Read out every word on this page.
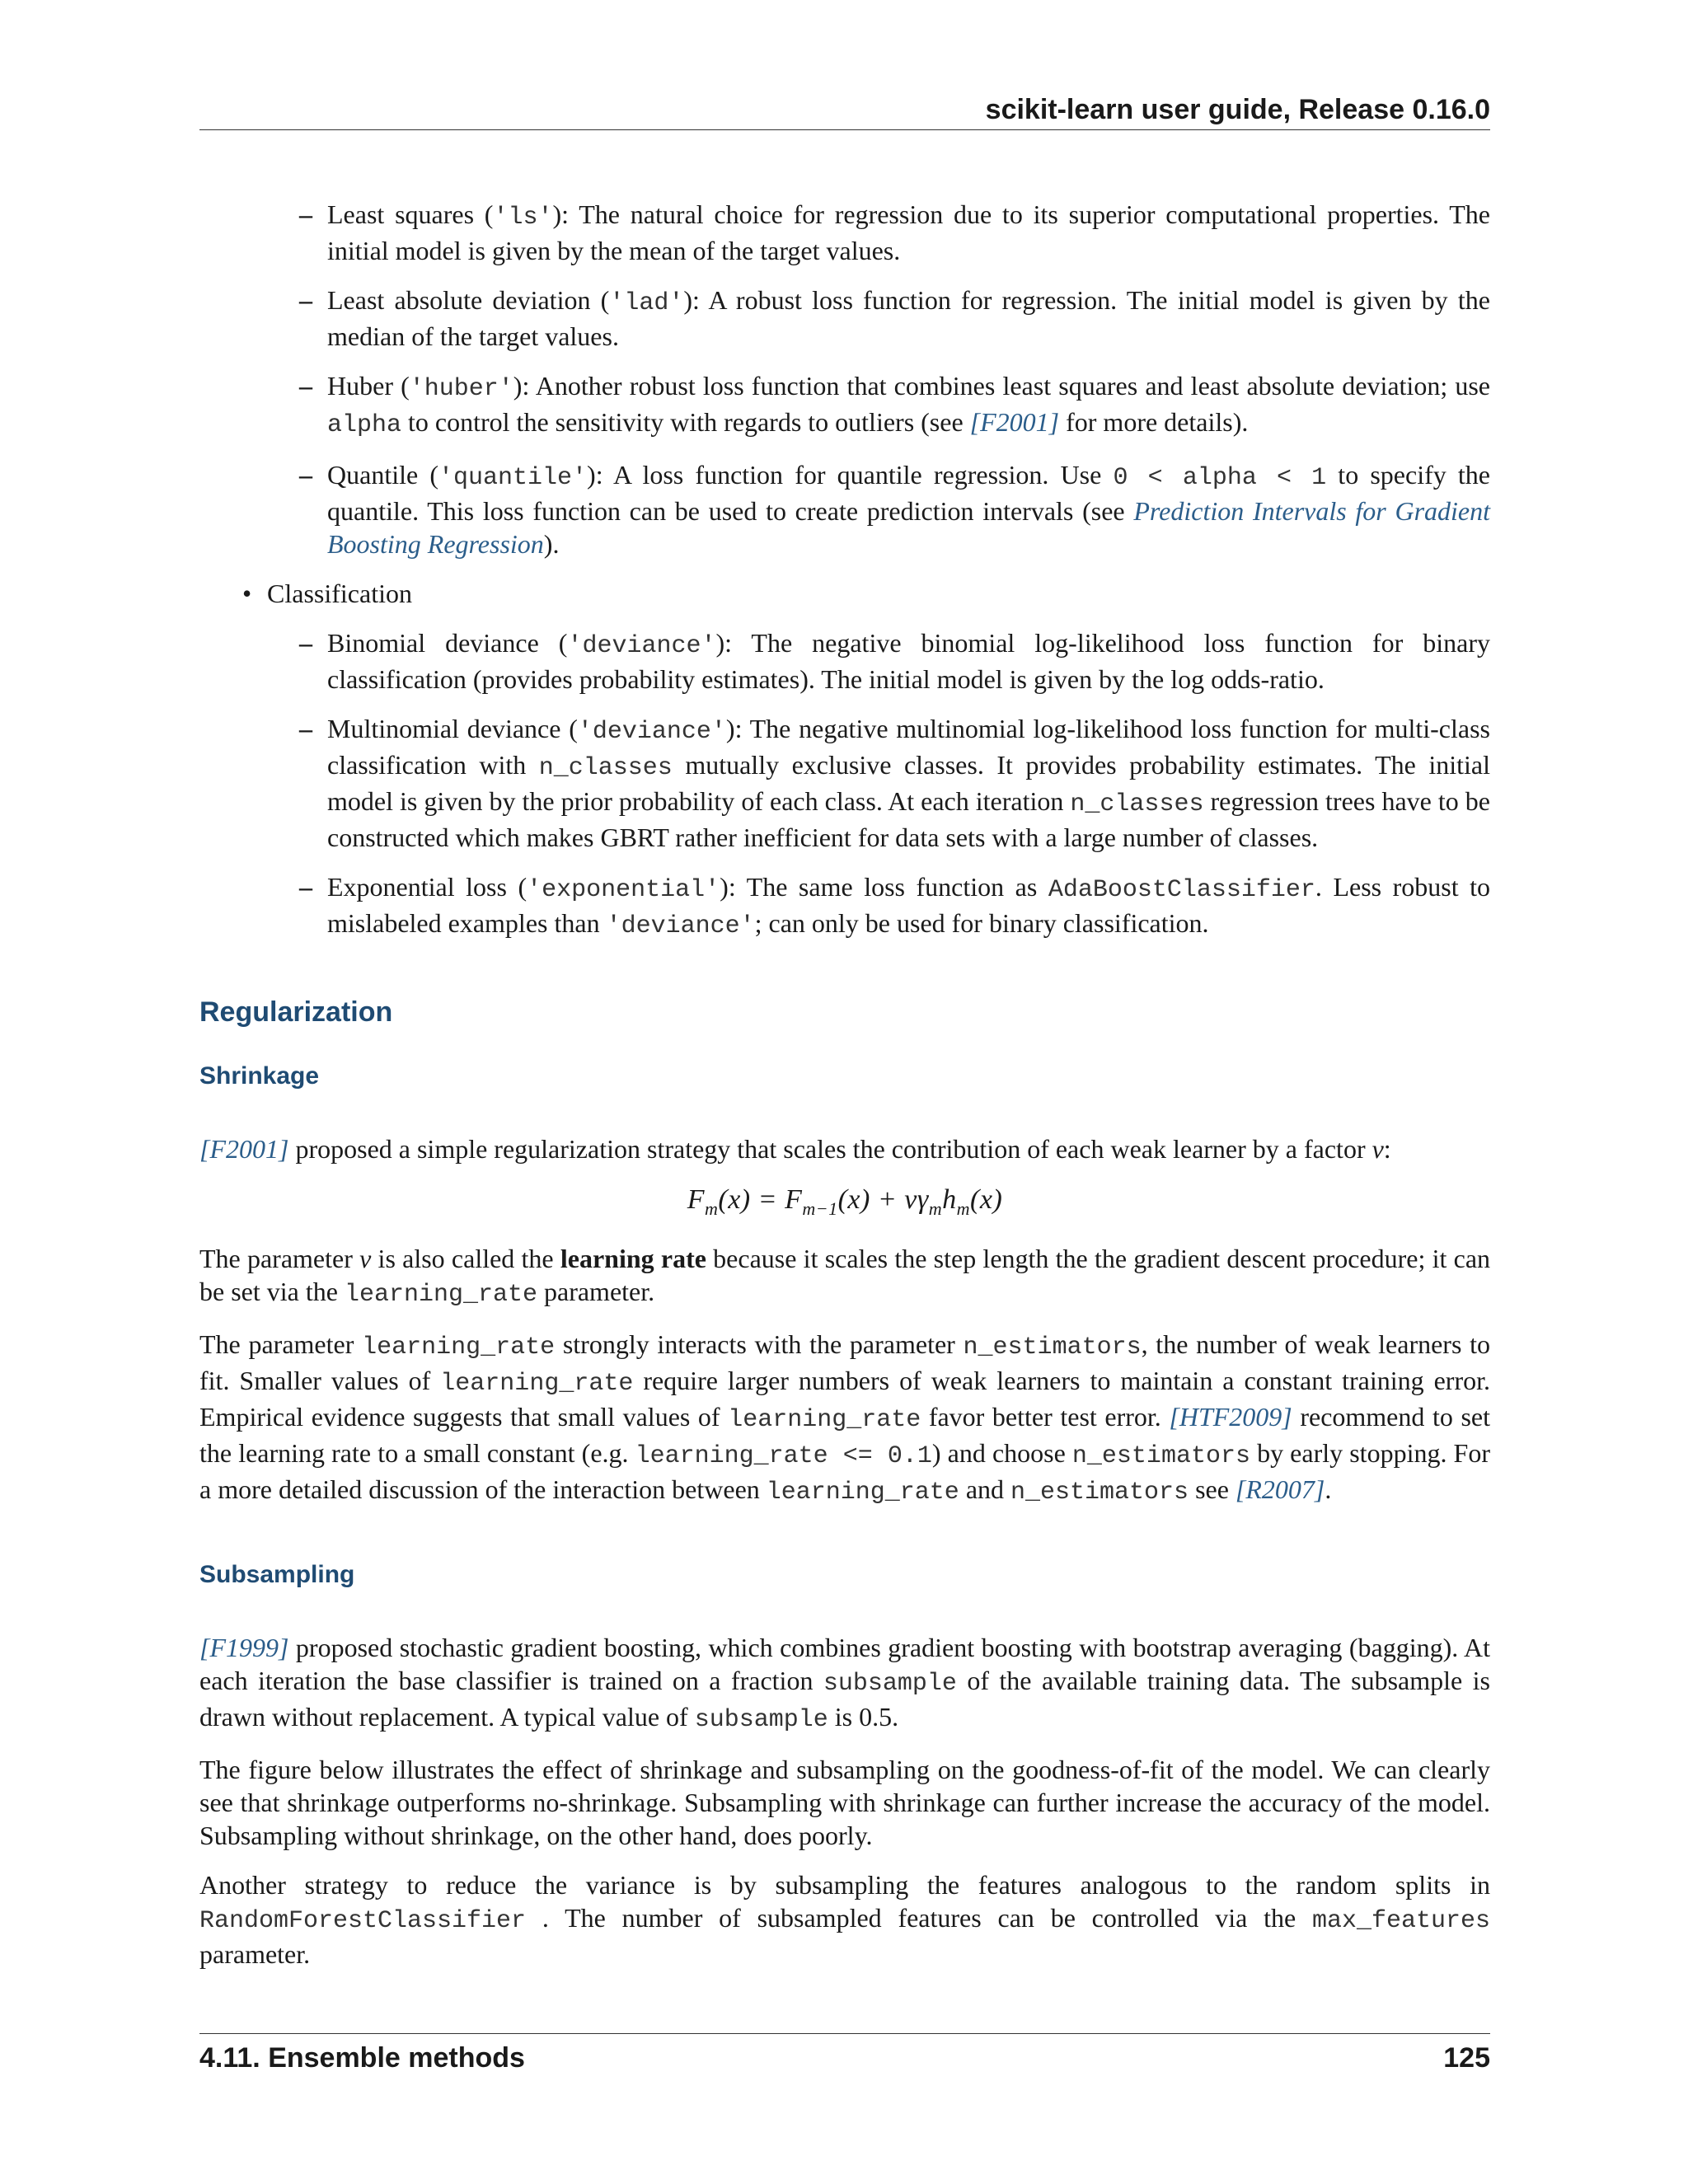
scikit-learn user guide, Release 0.16.0
– Least squares ('ls'): The natural choice for regression due to its superior computational properties. The initial model is given by the mean of the target values.
– Least absolute deviation ('lad'): A robust loss function for regression. The initial model is given by the median of the target values.
– Huber ('huber'): Another robust loss function that combines least squares and least absolute deviation; use alpha to control the sensitivity with regards to outliers (see [F2001] for more details).
– Quantile ('quantile'): A loss function for quantile regression. Use 0 < alpha < 1 to specify the quantile. This loss function can be used to create prediction intervals (see Prediction Intervals for Gradient Boosting Regression).
• Classification
– Binomial deviance ('deviance'): The negative binomial log-likelihood loss function for binary classification (provides probability estimates). The initial model is given by the log odds-ratio.
– Multinomial deviance ('deviance'): The negative multinomial log-likelihood loss function for multi-class classification with n_classes mutually exclusive classes. It provides probability estimates. The initial model is given by the prior probability of each class. At each iteration n_classes regression trees have to be constructed which makes GBRT rather inefficient for data sets with a large number of classes.
– Exponential loss ('exponential'): The same loss function as AdaBoostClassifier. Less robust to mislabeled examples than 'deviance'; can only be used for binary classification.
Regularization
Shrinkage

[F2001] proposed a simple regularization strategy that scales the contribution of each weak learner by a factor ν:

$F_m(x) = F_{m-1}(x) + \nu\gamma_mh_m(x)$

The parameter ν is also called the learning rate because it scales the step length the the gradient descent procedure; it can be set via the learning_rate parameter.

The parameter learning_rate strongly interacts with the parameter n_estimators, the number of weak learners to fit. Smaller values of learning_rate require larger numbers of weak learners to maintain a constant training error. Empirical evidence suggests that small values of learning_rate favor better test error. [HTF2009] recommend to set the learning rate to a small constant (e.g. learning_rate <= 0.1) and choose n_estimators by early stopping. For a more detailed discussion of the interaction between learning_rate and n_estimators see [R2007].

Subsampling

[F1999] proposed stochastic gradient boosting, which combines gradient boosting with bootstrap averaging (bagging). At each iteration the base classifier is trained on a fraction subsample of the available training data. The subsample is drawn without replacement. A typical value of subsample is 0.5.

The figure below illustrates the effect of shrinkage and subsampling on the goodness-of-fit of the model. We can clearly see that shrinkage outperforms no-shrinkage. Subsampling with shrinkage can further increase the accuracy of the model. Subsampling without shrinkage, on the other hand, does poorly.

Another strategy to reduce the variance is by subsampling the features analogous to the random splits in RandomForestClassifier . The number of subsampled features can be controlled via the max_features parameter.

4.11. Ensemble methods	125
